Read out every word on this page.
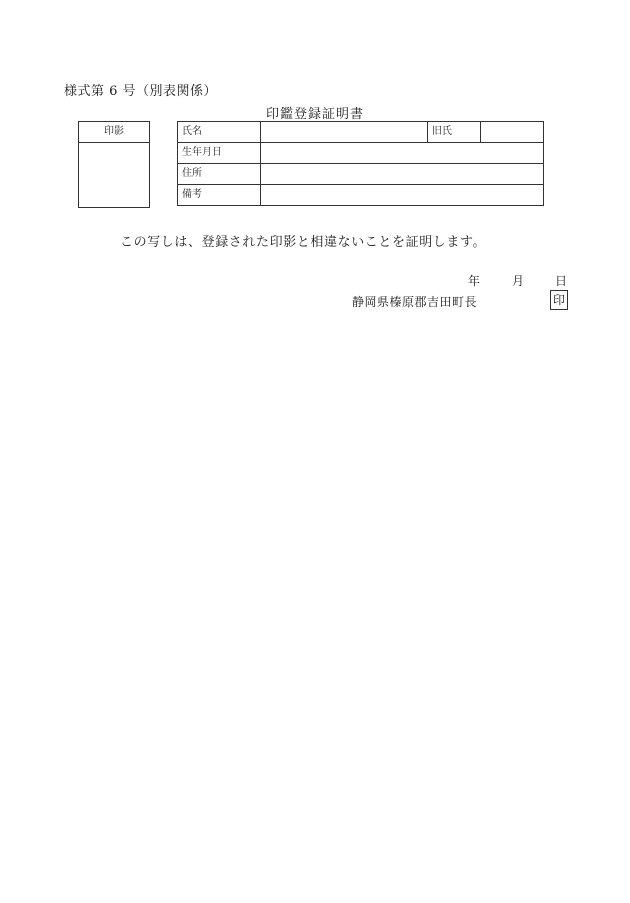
様式第 6 号（別表関係）
印鑑登録証明書
印影	氏名		旧氏	
生年月日			
住所			
備考			
この写しは、登録された印影と相違ないことを証明します。
年	月	日
静岡県榛原郡吉田町長	印
